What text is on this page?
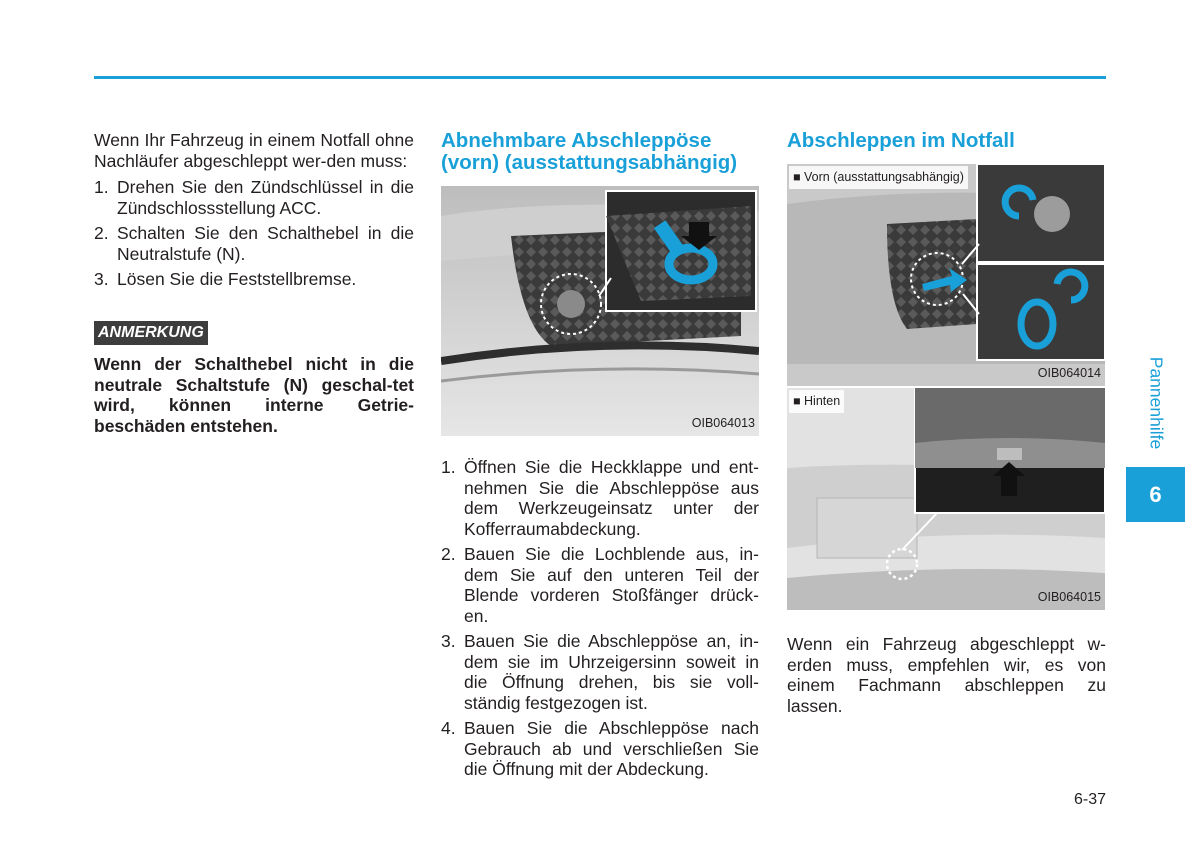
Wenn Ihr Fahrzeug in einem Notfall ohne Nachläufer abgeschleppt wer-den muss:

1. Drehen Sie den Zündschlüssel in die Zündschlossstellung ACC.
2. Schalten Sie den Schalthebel in die Neutralstufe (N).
3. Lösen Sie die Feststellbremse.
ANMERKUNG

Wenn der Schalthebel nicht in die neutrale Schaltstufe (N) geschal-tet wird, können interne Getrie-beschäden entstehen.

Abnehmbare Abschleppöse (vorn) (ausstattungsabhängig)
OIB064013
1. Öffnen Sie die Heckklappe und ent-nehmen Sie die Abschleppöse aus dem Werkzeugeinsatz unter der Kofferraumabdeckung.
2. Bauen Sie die Lochblende aus, in-dem Sie auf den unteren Teil der Blende vorderen Stoßfänger drück-en.
3. Bauen Sie die Abschleppöse an, in-dem sie im Uhrzeigersinn soweit in die Öffnung drehen, bis sie voll-ständig festgezogen ist.
4. Bauen Sie die Abschleppöse nach Gebrauch ab und verschließen Sie die Öffnung mit der Abdeckung.
Abschleppen im Notfall
■ Vorn (ausstattungsabhängig)
OIB064014
■ Hinten
OIB064015

Wenn ein Fahrzeug abgeschleppt w-erden muss, empfehlen wir, es von einem Fachmann abschleppen zu lassen.

Pannenhilfe
6
6-37
